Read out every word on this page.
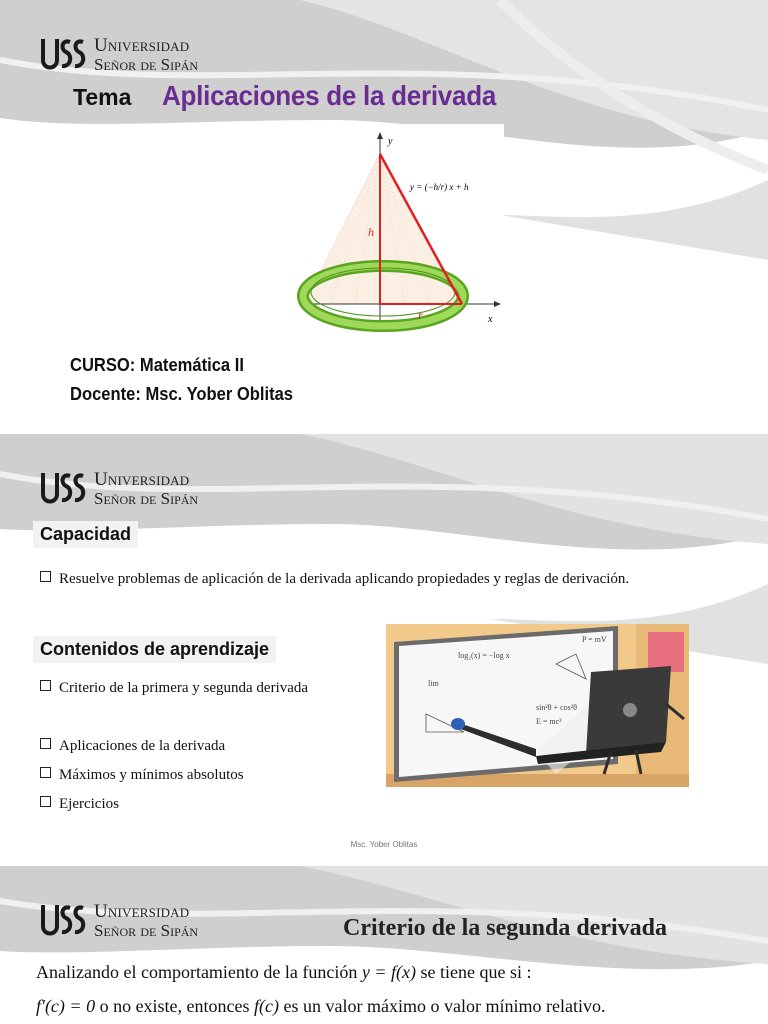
Universidad
Señor de Sipán
Tema Aplicaciones de la derivada
y
x
y = (−h/r) x + h
h
r
CURSO: Matemática II
Docente: Msc. Yober Oblitas
Universidad
Señor de Sipán
Capacidad
Resuelve problemas de aplicación de la derivada aplicando propiedades y reglas de derivación.
Contenidos de aprendizaje
Criterio de la primera y segunda derivada
Aplicaciones de la derivada
Máximos y mínimos absolutos
Ejercicios
log₂(x) = −log x
P = mV
E = mc²
sin²θ + cos²θ
lim
Msc. Yober Oblitas
Universidad
Señor de Sipán	Criterio de la segunda derivada
Analizando el comportamiento de la función y = f(x) se tiene que si :
f′(c) = 0 o no existe, entonces f(c) es un valor máximo o valor mínimo relativo.
